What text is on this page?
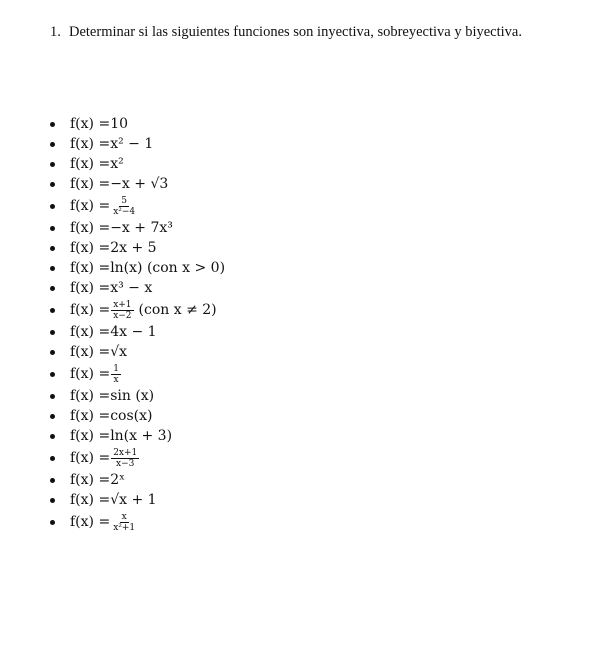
1. Determinar si las siguientes funciones son inyectiva, sobreyectiva y biyectiva.
f(x) =10
f(x) =x² − 1
f(x) =x²
f(x) =−x + √3
$f(x) = \frac{5}{\text{x²−4}}$
f(x) =−x + 7x³
f(x) =2x + 5
f(x) =ln(x) (con x > 0)
f(x) =x³ − x
$f(x) = \frac{x+1}{x-2} (con$ x ≠ 2)
f(x) =4x − 1
f(x) =√x
$f(x) = \frac{1}{x}$
f(x) =sin (x)
f(x) =cos(x)
f(x) =ln(x + 3)
$f(x) = \frac{2x+1}{x-3}$
f(x) =2ˣ
f(x) =√x + 1
$f(x) = \frac{x}{\text{x²+1}}$
